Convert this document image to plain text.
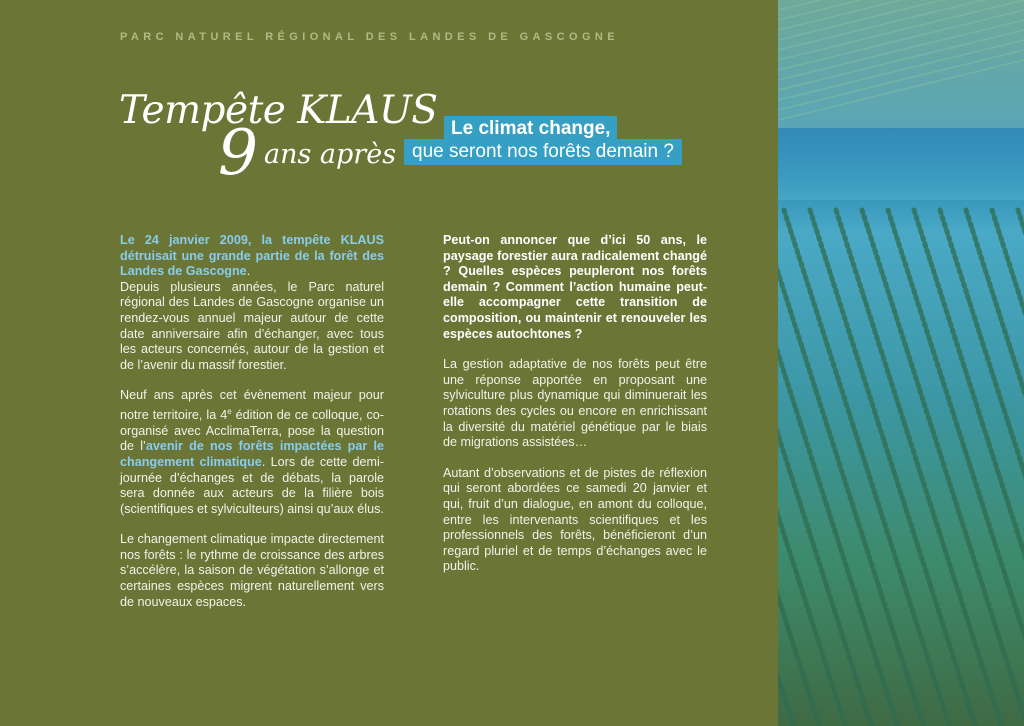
PARC NATUREL RÉGIONAL DES LANDES DE GASCOGNE
Tempête KLAUS
9 ans après
Le climat change,
que seront nos forêts demain ?

Le 24 janvier 2009, la tempête KLAUS détruisait une grande partie de la forêt des Landes de Gascogne.
Depuis plusieurs années, le Parc naturel régional des Landes de Gascogne organise un rendez-vous annuel majeur autour de cette date anniversaire afin d’échanger, avec tous les acteurs concernés, autour de la gestion et de l’avenir du massif forestier.

Neuf ans après cet évènement majeur pour notre territoire, la 4e édition de ce colloque, co-organisé avec AcclimaTerra, pose la question de l’avenir de nos forêts impactées par le changement climatique. Lors de cette demi-journée d’échanges et de débats, la parole sera donnée aux acteurs de la filière bois (scientifiques et sylviculteurs) ainsi qu’aux élus.

Le changement climatique impacte directement nos forêts : le rythme de croissance des arbres s’accélère, la saison de végétation s’allonge et certaines espèces migrent naturellement vers de nouveaux espaces.

Peut-on annoncer que d’ici 50 ans, le paysage forestier aura radicalement changé ? Quelles espèces peupleront nos forêts demain ? Comment l’action humaine peut-elle accompagner cette transition de composition, ou maintenir et renouveler les espèces autochtones ?

La gestion adaptative de nos forêts peut être une réponse apportée en proposant une sylviculture plus dynamique qui diminuerait les rotations des cycles ou encore en enrichissant la diversité du matériel génétique par le biais de migrations assistées…

Autant d’observations et de pistes de réflexion qui seront abordées ce samedi 20 janvier et qui, fruit d’un dialogue, en amont du colloque, entre les intervenants scientifiques et les professionnels des forêts, bénéficieront d’un regard pluriel et de temps d’échanges avec le public.
